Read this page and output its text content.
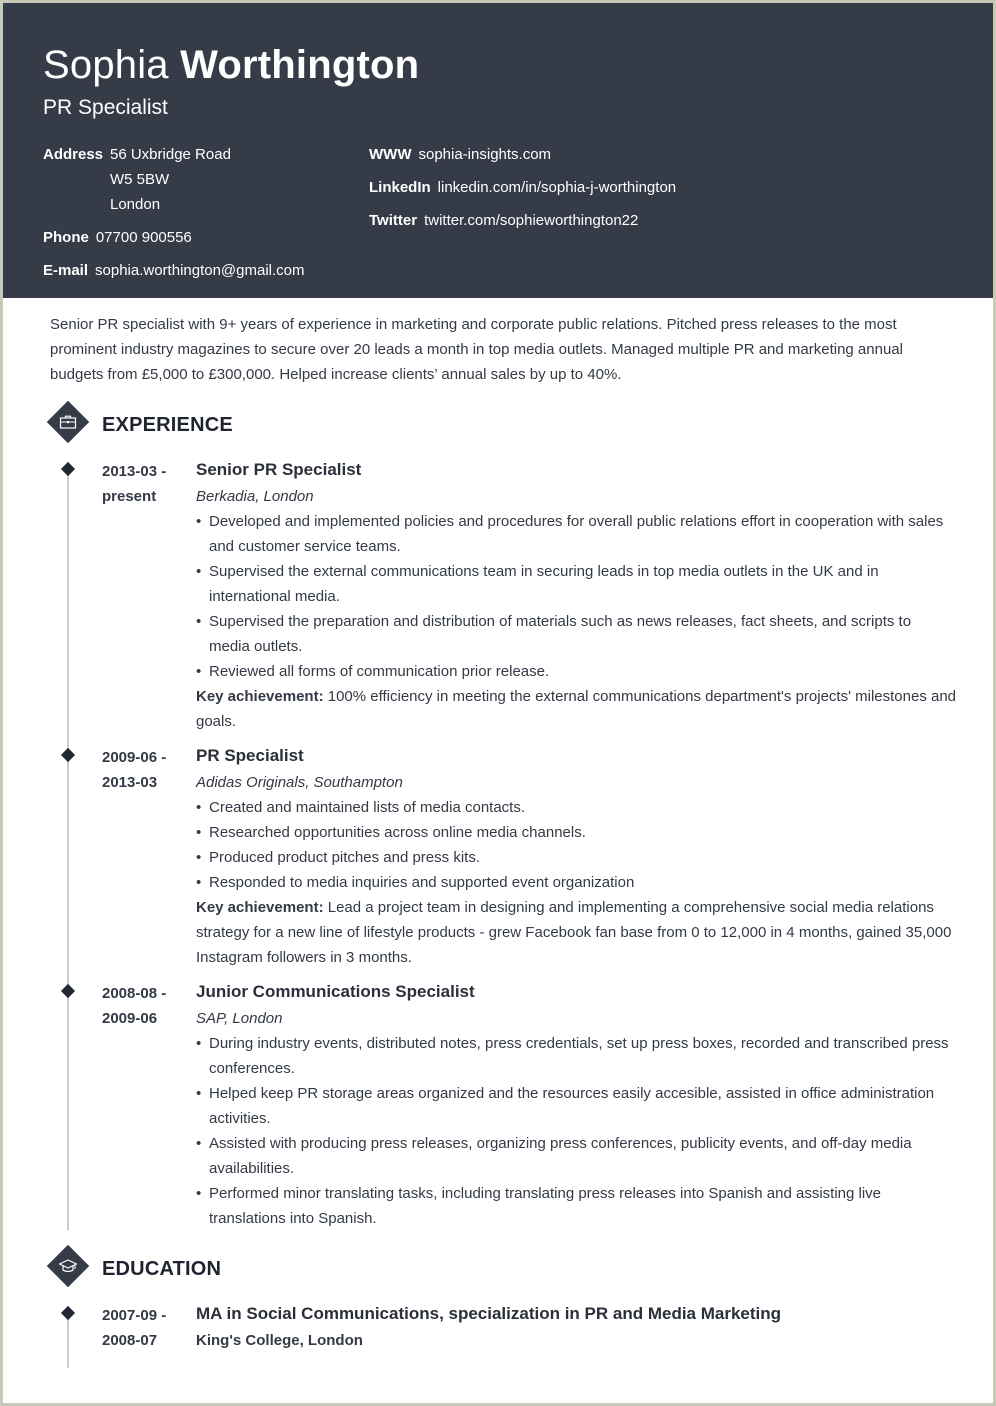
Sophia Worthington
PR Specialist
Address 56 Uxbridge Road
W5 5BW
London
Phone 07700 900556
E-mail sophia.worthington@gmail.com
WWW sophia-insights.com
LinkedIn linkedin.com/in/sophia-j-worthington
Twitter twitter.com/sophieworthington22
Senior PR specialist with 9+ years of experience in marketing and corporate public relations. Pitched press releases to the most prominent industry magazines to secure over 20 leads a month in top media outlets. Managed multiple PR and marketing annual budgets from £5,000 to £300,000. Helped increase clients’ annual sales by up to 40%.
EXPERIENCE
2013-03 -
present
Senior PR Specialist
Berkadia, London
• Developed and implemented policies and procedures for overall public relations effort in cooperation with sales and customer service teams.
• Supervised the external communications team in securing leads in top media outlets in the UK and in international media.
• Supervised the preparation and distribution of materials such as news releases, fact sheets, and scripts to media outlets.
• Reviewed all forms of communication prior release.
Key achievement: 100% efficiency in meeting the external communications department's projects' milestones and goals.
2009-06 -
2013-03
PR Specialist
Adidas Originals, Southampton
• Created and maintained lists of media contacts.
• Researched opportunities across online media channels.
• Produced product pitches and press kits.
• Responded to media inquiries and supported event organization
Key achievement: Lead a project team in designing and implementing a comprehensive social media relations strategy for a new line of lifestyle products - grew Facebook fan base from 0 to 12,000 in 4 months, gained 35,000 Instagram followers in 3 months.
2008-08 -
2009-06
Junior Communications Specialist
SAP, London
• During industry events, distributed notes, press credentials, set up press boxes, recorded and transcribed press conferences.
• Helped keep PR storage areas organized and the resources easily accesible, assisted in office administration activities.
• Assisted with producing press releases, organizing press conferences, publicity events, and off-day media availabilities.
• Performed minor translating tasks, including translating press releases into Spanish and assisting live translations into Spanish.
EDUCATION
2007-09 -
2008-07
MA in Social Communications, specialization in PR and Media Marketing
King's College, London
